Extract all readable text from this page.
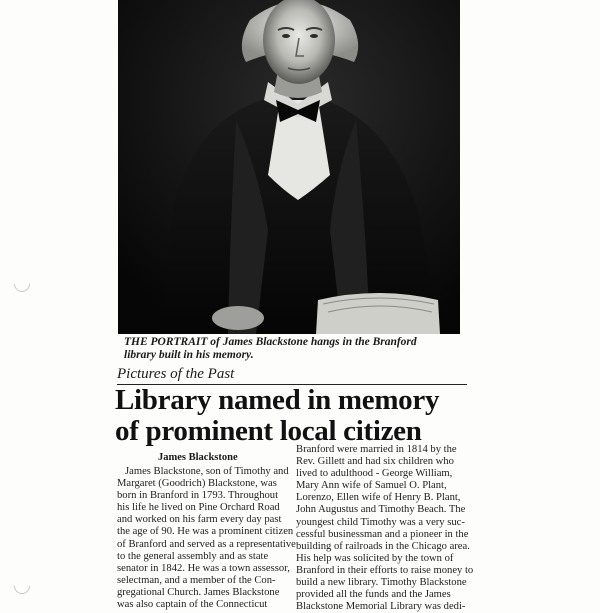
THE PORTRAIT of James Blackstone hangs in the Branford
library built in his memory.
Pictures of the Past
Library named in memory
of prominent local citizen
James Blackstone
James Blackstone, son of Timothy and
Margaret (Goodrich) Blackstone, was
born in Branford in 1793. Throughout
his life he lived on Pine Orchard Road
and worked on his farm every day past
the age of 90. He was a prominent citizen
of Branford and served as a representative
to the general assembly and as state
senator in 1842. He was a town assessor,
selectman, and a member of the Con-
gregational Church. James Blackstone
was also captain of the Connecticut
Branford were married in 1814 by the
Rev. Gillett and had six children who
lived to adulthood - George William,
Mary Ann wife of Samuel O. Plant,
Lorenzo, Ellen wife of Henry B. Plant,
John Augustus and Timothy Beach. The
youngest child Timothy was a very suc-
cessful businessman and a pioneer in the
building of railroads in the Chicago area.
His help was solicited by the town of
Branford in their efforts to raise money to
build a new library. Timothy Blackstone
provided all the funds and the James
Blackstone Memorial Library was dedi-
